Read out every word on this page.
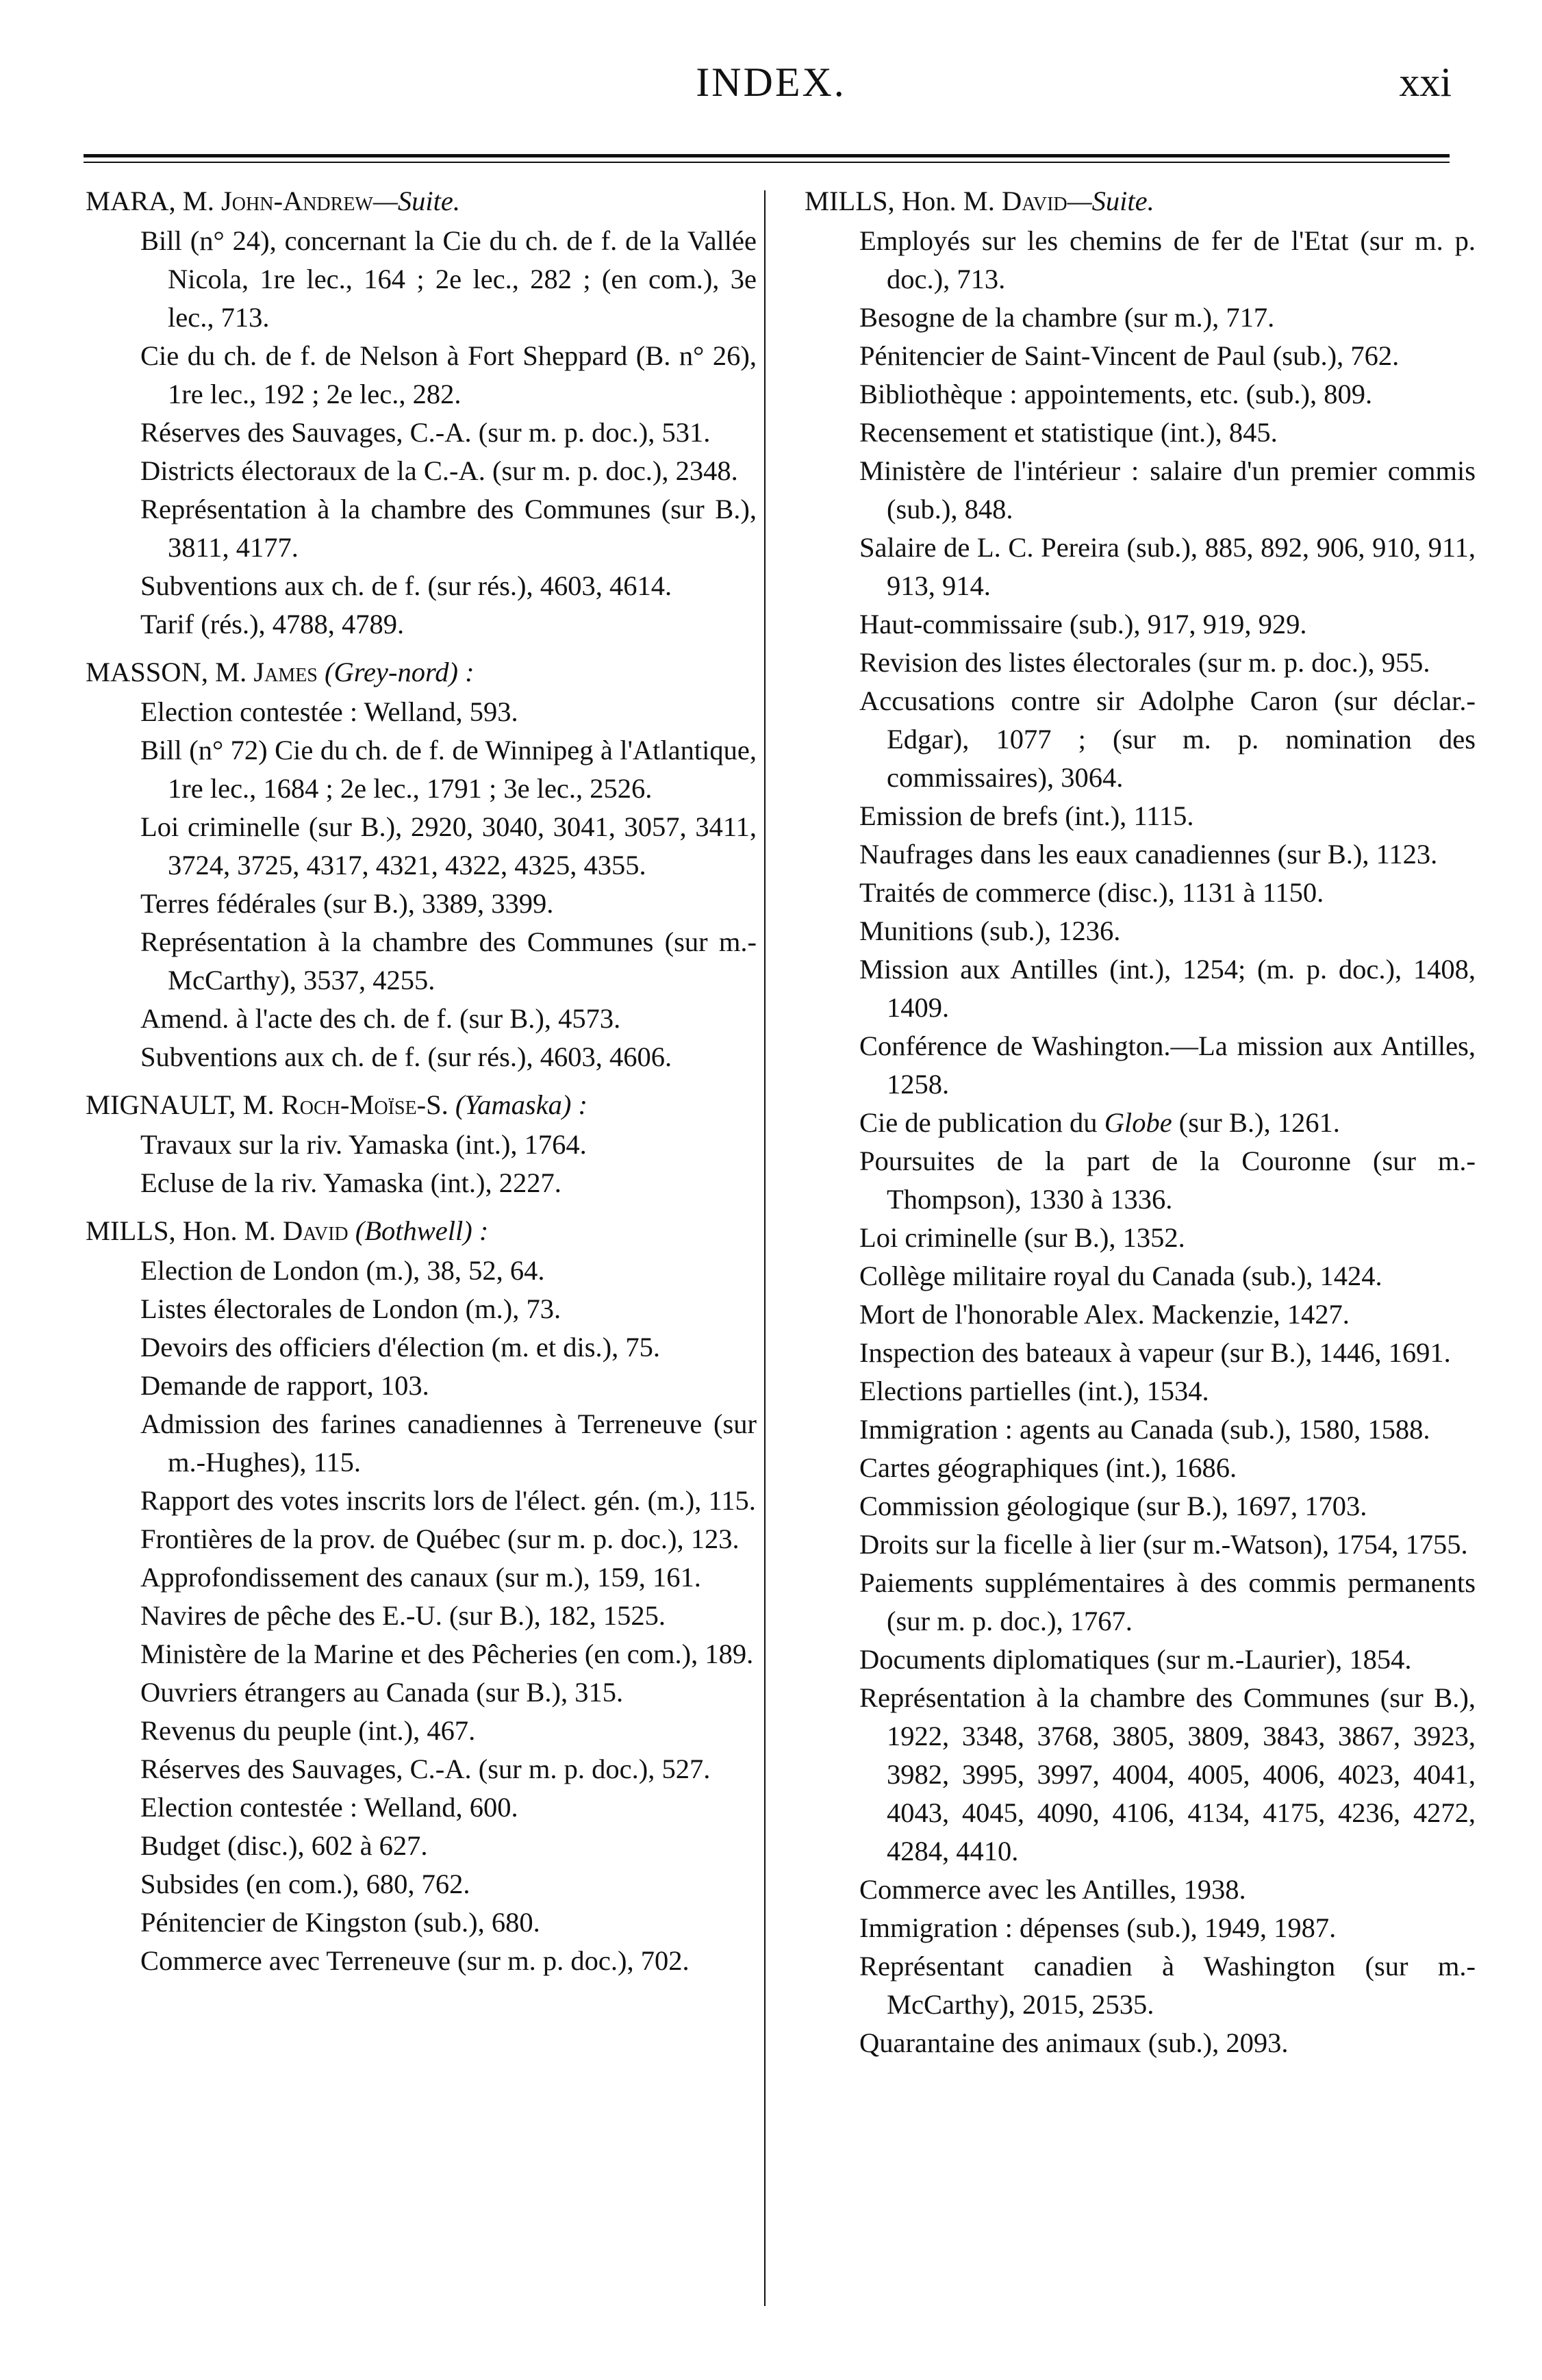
INDEX.	xxi

MARA, M. John-Andrew—Suite.

Bill (n° 24), concernant la Cie du ch. de f. de la Vallée Nicola, 1re lec., 164 ; 2e lec., 282 ; (en com.), 3e lec., 713.

Cie du ch. de f. de Nelson à Fort Sheppard (B. n° 26), 1re lec., 192 ; 2e lec., 282.

Réserves des Sauvages, C.-A. (sur m. p. doc.), 531.

Districts électoraux de la C.-A. (sur m. p. doc.), 2348.

Représentation à la chambre des Communes (sur B.), 3811, 4177.

Subventions aux ch. de f. (sur rés.), 4603, 4614.

Tarif (rés.), 4788, 4789.

MASSON, M. James (Grey-nord) :

Election contestée : Welland, 593.

Bill (n° 72) Cie du ch. de f. de Winnipeg à l'Atlantique, 1re lec., 1684 ; 2e lec., 1791 ; 3e lec., 2526.

Loi criminelle (sur B.), 2920, 3040, 3041, 3057, 3411, 3724, 3725, 4317, 4321, 4322, 4325, 4355.

Terres fédérales (sur B.), 3389, 3399.

Représentation à la chambre des Communes (sur m.-McCarthy), 3537, 4255.

Amend. à l'acte des ch. de f. (sur B.), 4573.

Subventions aux ch. de f. (sur rés.), 4603, 4606.

MIGNAULT, M. Roch-Moïse-S. (Yamaska) :

Travaux sur la riv. Yamaska (int.), 1764.

Ecluse de la riv. Yamaska (int.), 2227.

MILLS, Hon. M. David (Bothwell) :

Election de London (m.), 38, 52, 64.

Listes électorales de London (m.), 73.

Devoirs des officiers d'élection (m. et dis.), 75.

Demande de rapport, 103.

Admission des farines canadiennes à Terreneuve (sur m.-Hughes), 115.

Rapport des votes inscrits lors de l'élect. gén. (m.), 115.

Frontières de la prov. de Québec (sur m. p. doc.), 123.

Approfondissement des canaux (sur m.), 159, 161.

Navires de pêche des E.-U. (sur B.), 182, 1525.

Ministère de la Marine et des Pêcheries (en com.), 189.

Ouvriers étrangers au Canada (sur B.), 315.

Revenus du peuple (int.), 467.

Réserves des Sauvages, C.-A. (sur m. p. doc.), 527.

Election contestée : Welland, 600.

Budget (disc.), 602 à 627.

Subsides (en com.), 680, 762.

Pénitencier de Kingston (sub.), 680.

Commerce avec Terreneuve (sur m. p. doc.), 702.

MILLS, Hon. M. David—Suite.

Employés sur les chemins de fer de l'Etat (sur m. p. doc.), 713.

Besogne de la chambre (sur m.), 717.

Pénitencier de Saint-Vincent de Paul (sub.), 762.

Bibliothèque : appointements, etc. (sub.), 809.

Recensement et statistique (int.), 845.

Ministère de l'intérieur : salaire d'un premier commis (sub.), 848.

Salaire de L. C. Pereira (sub.), 885, 892, 906, 910, 911, 913, 914.

Haut-commissaire (sub.), 917, 919, 929.

Revision des listes électorales (sur m. p. doc.), 955.

Accusations contre sir Adolphe Caron (sur déclar.-Edgar), 1077 ; (sur m. p. nomination des commissaires), 3064.

Emission de brefs (int.), 1115.

Naufrages dans les eaux canadiennes (sur B.), 1123.

Traités de commerce (disc.), 1131 à 1150.

Munitions (sub.), 1236.

Mission aux Antilles (int.), 1254; (m. p. doc.), 1408, 1409.

Conférence de Washington.—La mission aux Antilles, 1258.

Cie de publication du Globe (sur B.), 1261.

Poursuites de la part de la Couronne (sur m.-Thompson), 1330 à 1336.

Loi criminelle (sur B.), 1352.

Collège militaire royal du Canada (sub.), 1424.

Mort de l'honorable Alex. Mackenzie, 1427.

Inspection des bateaux à vapeur (sur B.), 1446, 1691.

Elections partielles (int.), 1534.

Immigration : agents au Canada (sub.), 1580, 1588.

Cartes géographiques (int.), 1686.

Commission géologique (sur B.), 1697, 1703.

Droits sur la ficelle à lier (sur m.-Watson), 1754, 1755.

Paiements supplémentaires à des commis permanents (sur m. p. doc.), 1767.

Documents diplomatiques (sur m.-Laurier), 1854.

Représentation à la chambre des Communes (sur B.), 1922, 3348, 3768, 3805, 3809, 3843, 3867, 3923, 3982, 3995, 3997, 4004, 4005, 4006, 4023, 4041, 4043, 4045, 4090, 4106, 4134, 4175, 4236, 4272, 4284, 4410.

Commerce avec les Antilles, 1938.

Immigration : dépenses (sub.), 1949, 1987.

Représentant canadien à Washington (sur m.-McCarthy), 2015, 2535.

Quarantaine des animaux (sub.), 2093.
